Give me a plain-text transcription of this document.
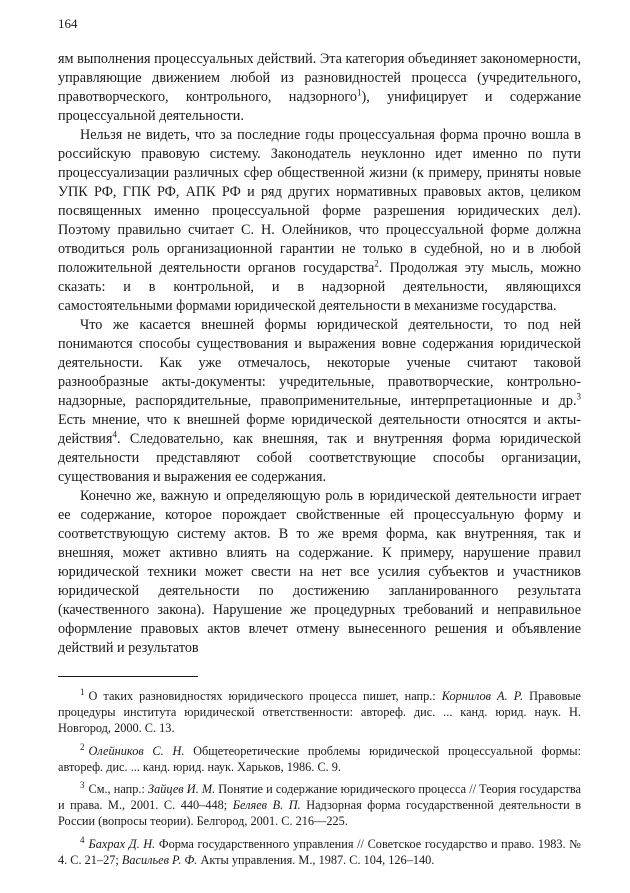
164

ям выполнения процессуальных действий. Эта категория объединяет закономерности, управляющие движением любой из разновидностей процесса (учредительного, правотворческого, контрольного, надзорного$^1$), унифицирует и содержание процессуальной деятельности.

Нельзя не видеть, что за последние годы процессуальная форма прочно вошла в российскую правовую систему. Законодатель неуклонно идет именно по пути процессуализации различных сфер общественной жизни (к примеру, приняты новые УПК РФ, ГПК РФ, АПК РФ и ряд других нормативных правовых актов, целиком посвященных именно процессуальной форме разрешения юридических дел). Поэтому правильно считает С. Н. Олейников, что процессуальной форме должна отводиться роль организационной гарантии не только в судебной, но и в любой положительной деятельности органов государства$^2$. Продолжая эту мысль, можно сказать: и в контрольной, и в надзорной деятельности, являющихся самостоятельными формами юридической деятельности в механизме государства.

Что же касается внешней формы юридической деятельности, то под ней понимаются способы существования и выражения вовне содержания юридической деятельности. Как уже отмечалось, некоторые ученые считают таковой разнообразные акты-документы: учредительные, правотворческие, контрольно-надзорные, распорядительные, правоприменительные, интерпретационные и др.$^3$ Есть мнение, что к внешней форме юридической деятельности относятся и акты-действия$^4$. Следовательно, как внешняя, так и внутренняя форма юридической деятельности представляют собой соответствующие способы организации, существования и выражения ее содержания.

Конечно же, важную и определяющую роль в юридической деятельности играет ее содержание, которое порождает свойственные ей процессуальную форму и соответствующую систему актов. В то же время форма, как внутренняя, так и внешняя, может активно влиять на содержание. К примеру, нарушение правил юридической техники может свести на нет все усилия субъектов и участников юридической деятельности по достижению запланированного результата (качественного закона). Нарушение же процедурных требований и неправильное оформление правовых актов влечет отмену вынесенного решения и объявление действий и результатов

$^1$ О таких разновидностях юридического процесса пишет, напр.: Корнилов А. Р. Правовые процедуры института юридической ответственности: автореф. дис. ... канд. юрид. наук. Н. Новгород, 2000. С. 13.

$^2$ Олейников С. Н. Общетеоретические проблемы юридической процессуальной формы: автореф. дис. ... канд. юрид. наук. Харьков, 1986. С. 9.

$^3$ См., напр.: Зайцев И. М. Понятие и содержание юридического процесса // Теория государства и права. М., 2001. С. 440–448; Беляев В. П. Надзорная форма государственной деятельности в России (вопросы теории). Белгород, 2001. С. 216—225.

$^4$ Бахрах Д. Н. Форма государственного управления // Советское государство и право. 1983. № 4. С. 21–27; Васильев Р. Ф. Акты управления. М., 1987. С. 104, 126–140.
